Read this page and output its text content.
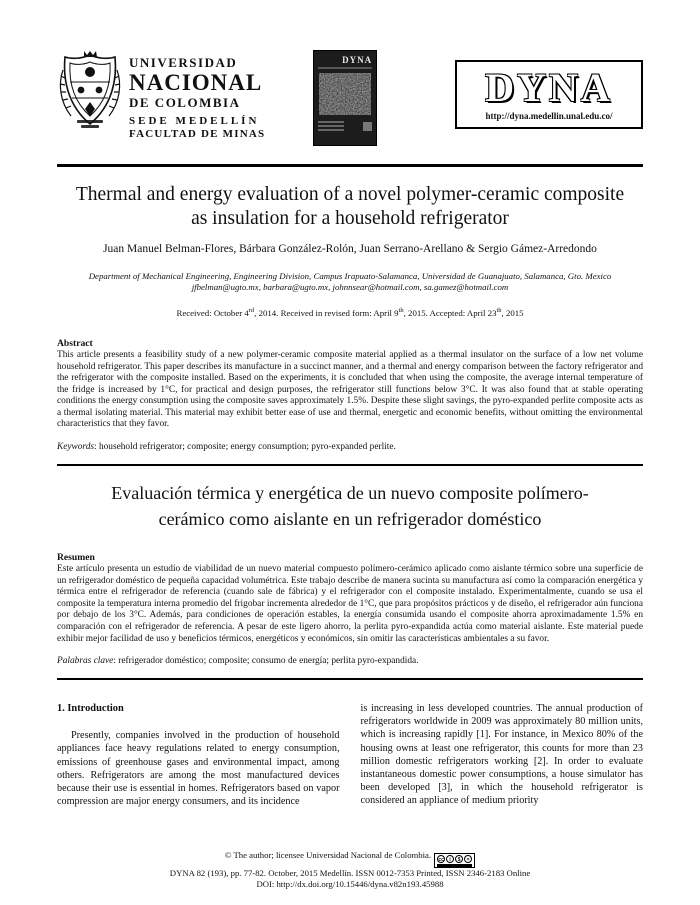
UNIVERSIDAD
NACIONAL
DE COLOMBIA
SEDE MEDELLÍN
FACULTAD DE MINAS
DYNA
DYNA
http://dyna.medellin.unal.edu.co/
Thermal and energy evaluation of a novel polymer-ceramic composite as insulation for a household refrigerator
Juan Manuel Belman-Flores, Bárbara González-Rolón, Juan Serrano-Arellano & Sergio Gámez-Arredondo
Department of Mechanical Engineering, Engineering Division, Campus Irapuato-Salamanca, Universidad de Guanajuato, Salamanca, Gto. Mexico
jfbelman@ugto.mx, barbara@ugto.mx, johnnsear@hotmail.com, sa.gamez@hotmail.com
Received: October 4rd, 2014. Received in revised form: April 9th, 2015. Accepted: April 23th, 2015
Abstract
This article presents a feasibility study of a new polymer-ceramic composite material applied as a thermal insulator on the surface of a low net volume household refrigerator. This paper describes its manufacture in a succinct manner, and a thermal and energy comparison between the factory refrigerator and the refrigerator with the composite installed. Based on the experiments, it is concluded that when using the composite, the average internal temperature of the fridge is increased by 1°C, for practical and design purposes, the refrigerator still functions below 3°C. It was also found that at stable operating conditions the energy consumption using the composite saves approximately 1.5%. Despite these slight savings, the pyro-expanded perlite composite acts as a thermal isolating material. This material may exhibit better ease of use and thermal, energetic and economic benefits, without omitting the environmental characteristics that they favor.
Keywords: household refrigerator; composite; energy consumption; pyro-expanded perlite.
Evaluación térmica y energética de un nuevo composite polímero-cerámico como aislante en un refrigerador doméstico
Resumen
Este artículo presenta un estudio de viabilidad de un nuevo material compuesto polímero-cerámico aplicado como aislante térmico sobre una superficie de un refrigerador doméstico de pequeña capacidad volumétrica. Este trabajo describe de manera sucinta su manufactura así como la comparación energética y térmica entre el refrigerador de referencia (cuando sale de fábrica) y el refrigerador con el composite instalado. Experimentalmente, cuando se usa el composite la temperatura interna promedio del frigobar incrementa alrededor de 1°C, que para propósitos prácticos y de diseño, el refrigerador aún funciona por debajo de los 3°C. Además, para condiciones de operación estables, la energía consumida usando el composite ahorra aproximadamente 1.5% en comparación con el refrigerador de referencia. A pesar de este ligero ahorro, la perlita pyro-expandida actúa como material aislante. Este material puede exhibir mejor facilidad de uso y beneficios térmicos, energéticos y económicos, sin omitir las características ambientales a su favor.
Palabras clave: refrigerador doméstico; composite; consumo de energía; perlita pyro-expandida.
1. Introduction

Presently, companies involved in the production of household appliances face heavy regulations related to energy consumption, emissions of greenhouse gases and environmental impact, among others. Refrigerators are among the most manufactured devices because their use is essential in homes. Refrigerators based on vapor compression are major energy consumers, and its incidence

is increasing in less developed countries. The annual production of refrigerators worldwide in 2009 was approximately 80 million units, which is increasing rapidly [1]. For instance, in Mexico 80% of the housing owns at least one refrigerator, this counts for more than 23 million domestic refrigerators working [2]. In order to evaluate instantaneous domestic power consumptions, a house simulator has been developed [3], in which the household refrigerator is considered an appliance of medium priority

© The author; licensee Universidad Nacional de Colombia. cc	i	$	=

DYNA 82 (193), pp. 77-82. October, 2015 Medellín. ISSN 0012-7353 Printed, ISSN 2346-2183 Online
DOI: http://dx.doi.org/10.15446/dyna.v82n193.45988
